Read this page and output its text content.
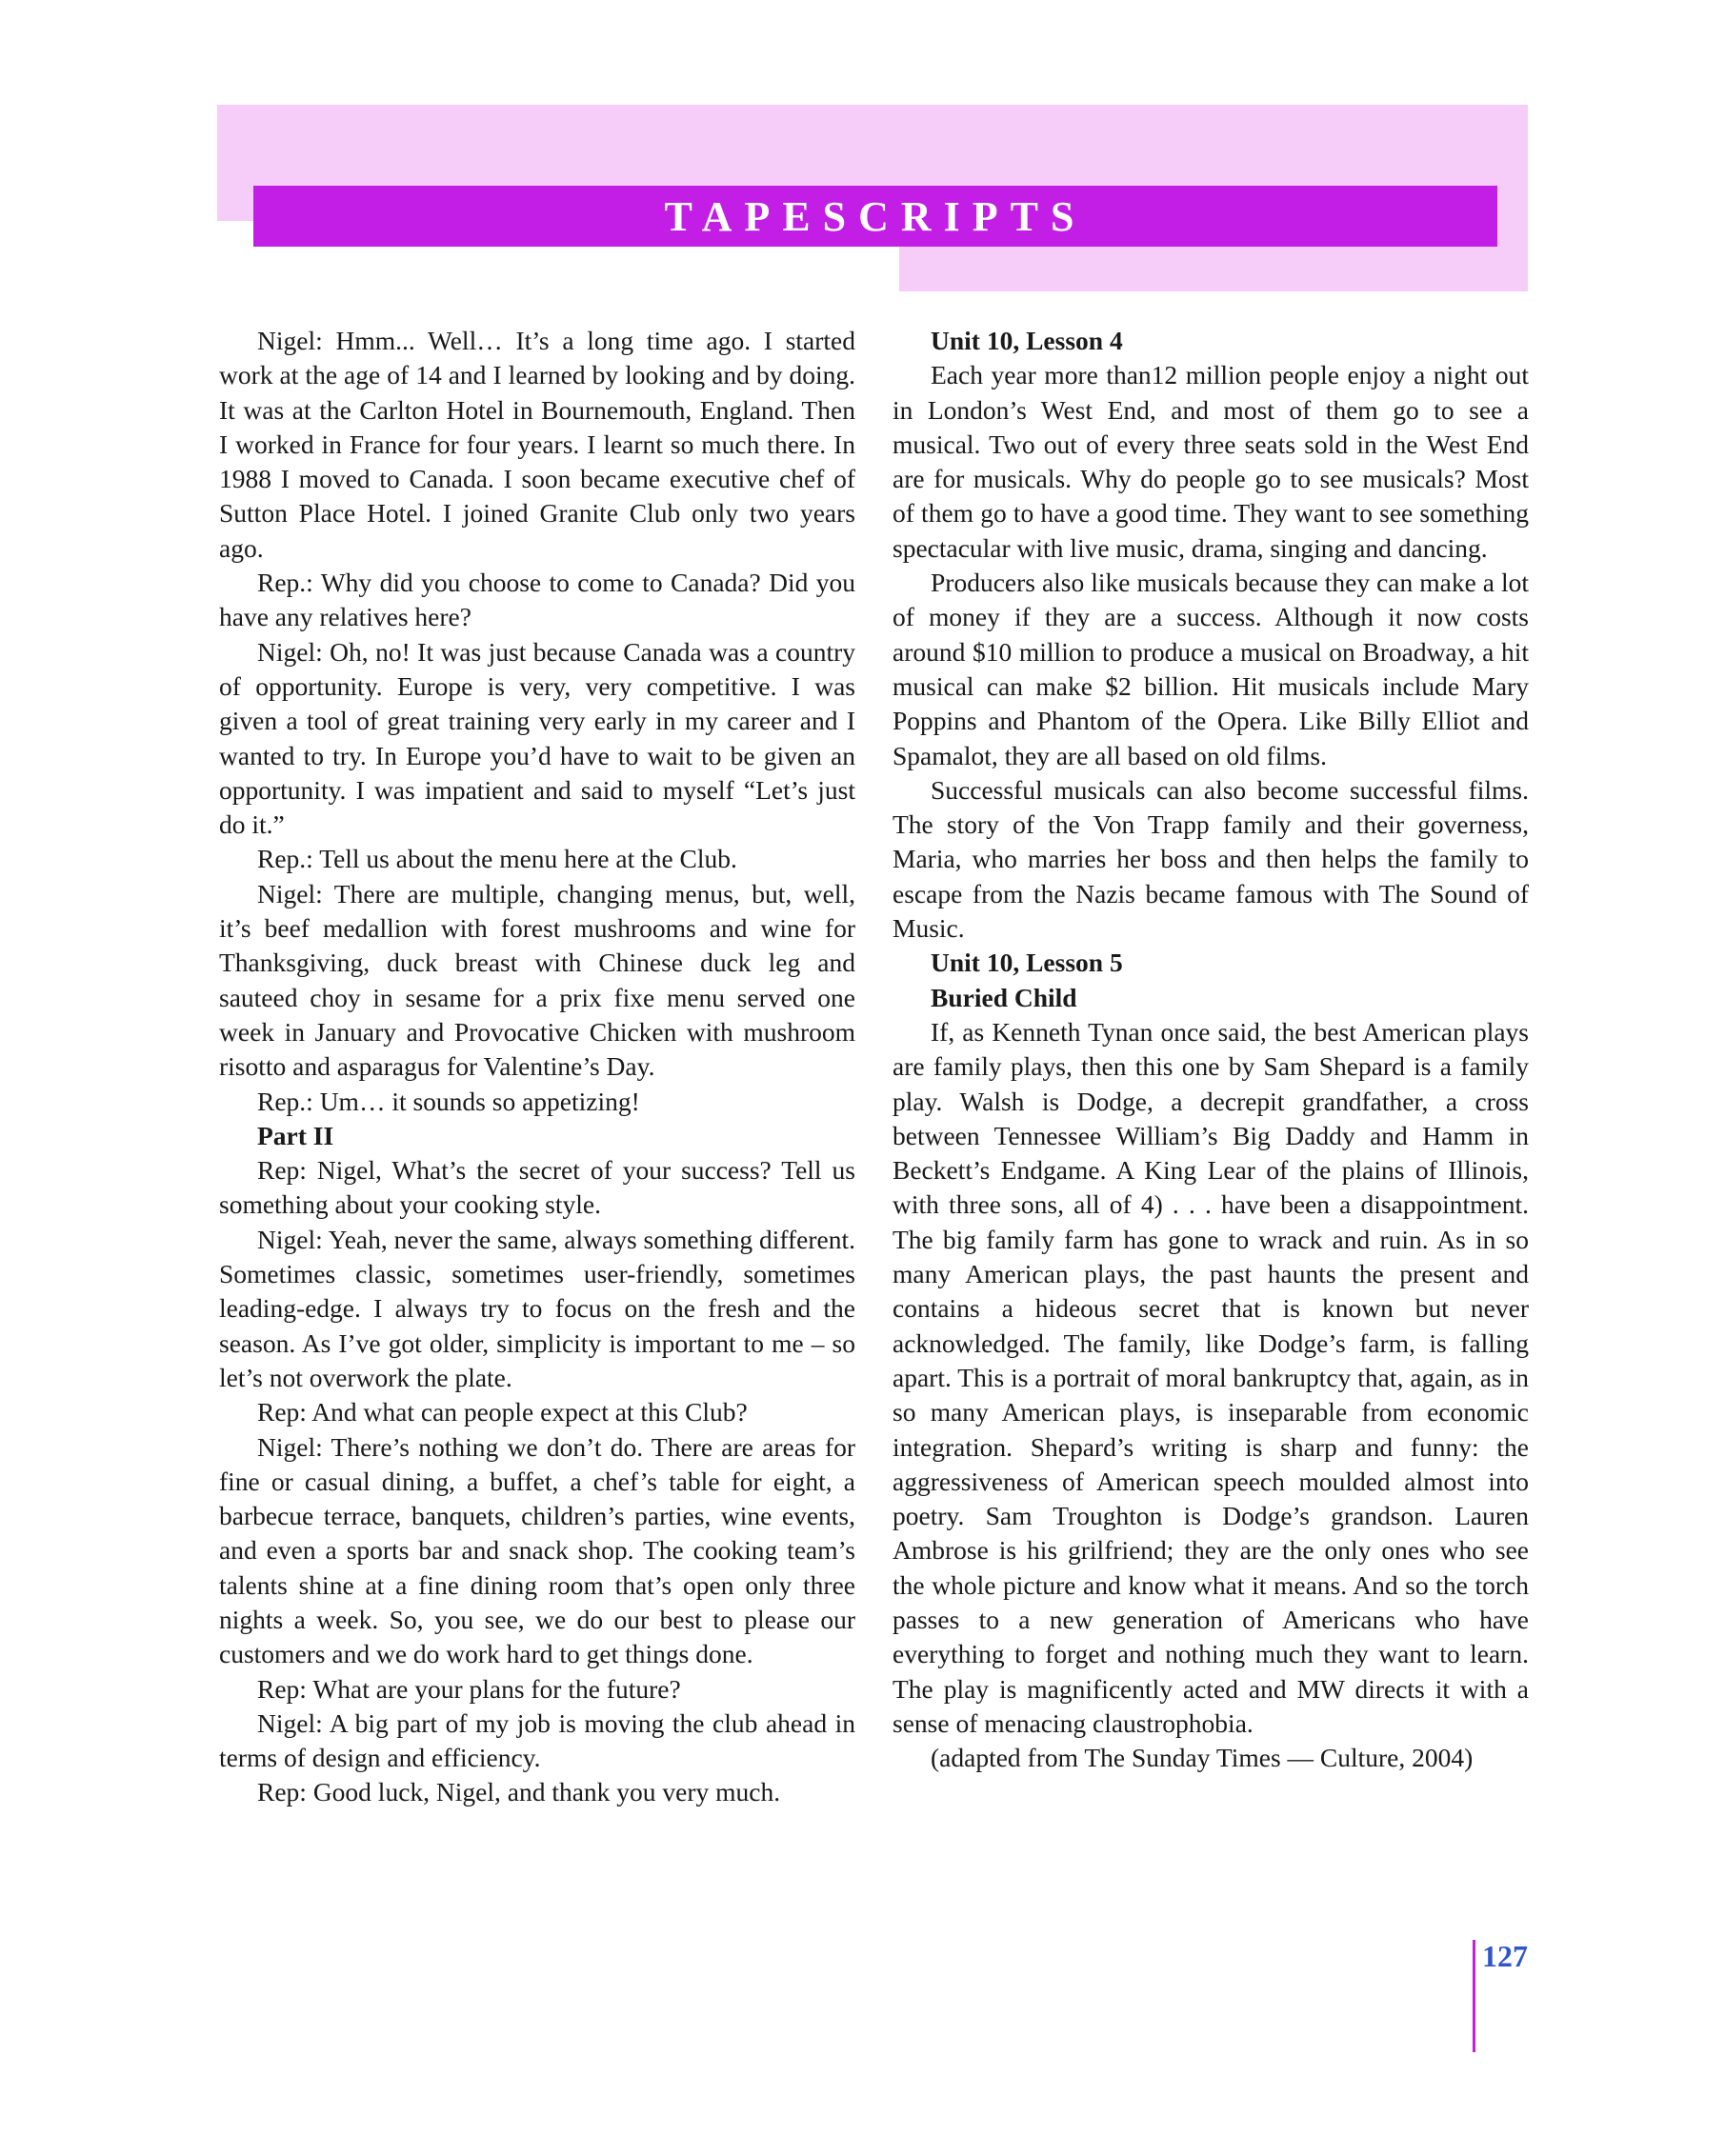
TAPESCRIPTS

Nigel: Hmm... Well… It’s a long time ago. I started work at the age of 14 and I learned by looking and by doing. It was at the Carlton Hotel in Bournemouth, England. Then I worked in France for four years. I learnt so much there. In 1988 I moved to Canada. I soon became executive chef of Sutton Place Hotel. I joined Granite Club only two years ago.

Rep.: Why did you choose to come to Canada? Did you have any relatives here?

Nigel: Oh, no! It was just because Canada was a country of opportunity. Europe is very, very competitive. I was given a tool of great training very early in my career and I wanted to try. In Europe you’d have to wait to be given an opportunity. I was impatient and said to myself “Let’s just do it.”

Rep.: Tell us about the menu here at the Club.

Nigel: There are multiple, changing menus, but, well, it’s beef medallion with forest mushrooms and wine for Thanksgiving, duck breast with Chinese duck leg and sauteed choy in sesame for a prix fixe menu served one week in January and Provocative Chicken with mushroom risotto and asparagus for Valentine’s Day.

Rep.: Um… it sounds so appetizing!

Part II

Rep: Nigel, What’s the secret of your success? Tell us something about your cooking style.

Nigel: Yeah, never the same, always something different. Sometimes classic, sometimes user-friendly, sometimes leading-edge. I always try to focus on the fresh and the season. As I’ve got older, simplicity is important to me – so let’s not overwork the plate.

Rep: And what can people expect at this Club?

Nigel: There’s nothing we don’t do. There are areas for fine or casual dining, a buffet, a chef’s table for eight, a barbecue terrace, banquets, children’s parties, wine events, and even a sports bar and snack shop. The cooking team’s talents shine at a fine dining room that’s open only three nights a week. So, you see, we do our best to please our customers and we do work hard to get things done.

Rep: What are your plans for the future?

Nigel: A big part of my job is moving the club ahead in terms of design and efficiency.

Rep: Good luck, Nigel, and thank you very much.

Unit 10, Lesson 4

Each year more than12 million people enjoy a night out in London’s West End, and most of them go to see a musical. Two out of every three seats sold in the West End are for musicals. Why do people go to see musicals? Most of them go to have a good time. They want to see something spectacular with live music, drama, singing and dancing.

Producers also like musicals because they can make a lot of money if they are a success. Although it now costs around $10 million to produce a musical on Broadway, a hit musical can make $2 billion. Hit musicals include Mary Poppins and Phantom of the Opera. Like Billy Elliot and Spamalot, they are all based on old films.

Successful musicals can also become successful films. The story of the Von Trapp family and their governess, Maria, who marries her boss and then helps the family to escape from the Nazis became famous with The Sound of Music.

Unit 10, Lesson 5

Buried Child

If, as Kenneth Tynan once said, the best American plays are family plays, then this one by Sam Shepard is a family play. Walsh is Dodge, a decrepit grandfather, a cross between Tennessee William’s Big Daddy and Hamm in Beckett’s Endgame. A King Lear of the plains of Illinois, with three sons, all of 4) . . . have been a disappointment. The big family farm has gone to wrack and ruin. As in so many American plays, the past haunts the present and contains a hideous secret that is known but never acknowledged. The family, like Dodge’s farm, is falling apart. This is a portrait of moral bankruptcy that, again, as in so many American plays, is inseparable from economic integration. Shepard’s writing is sharp and funny: the aggressiveness of American speech moulded almost into poetry. Sam Troughton is Dodge’s grandson. Lauren Ambrose is his grilfriend; they are the only ones who see the whole picture and know what it means. And so the torch passes to a new generation of Americans who have everything to forget and nothing much they want to learn. The play is magnificently acted and MW directs it with a sense of menacing claustrophobia.

(adapted from The Sunday Times — Culture, 2004)

127
